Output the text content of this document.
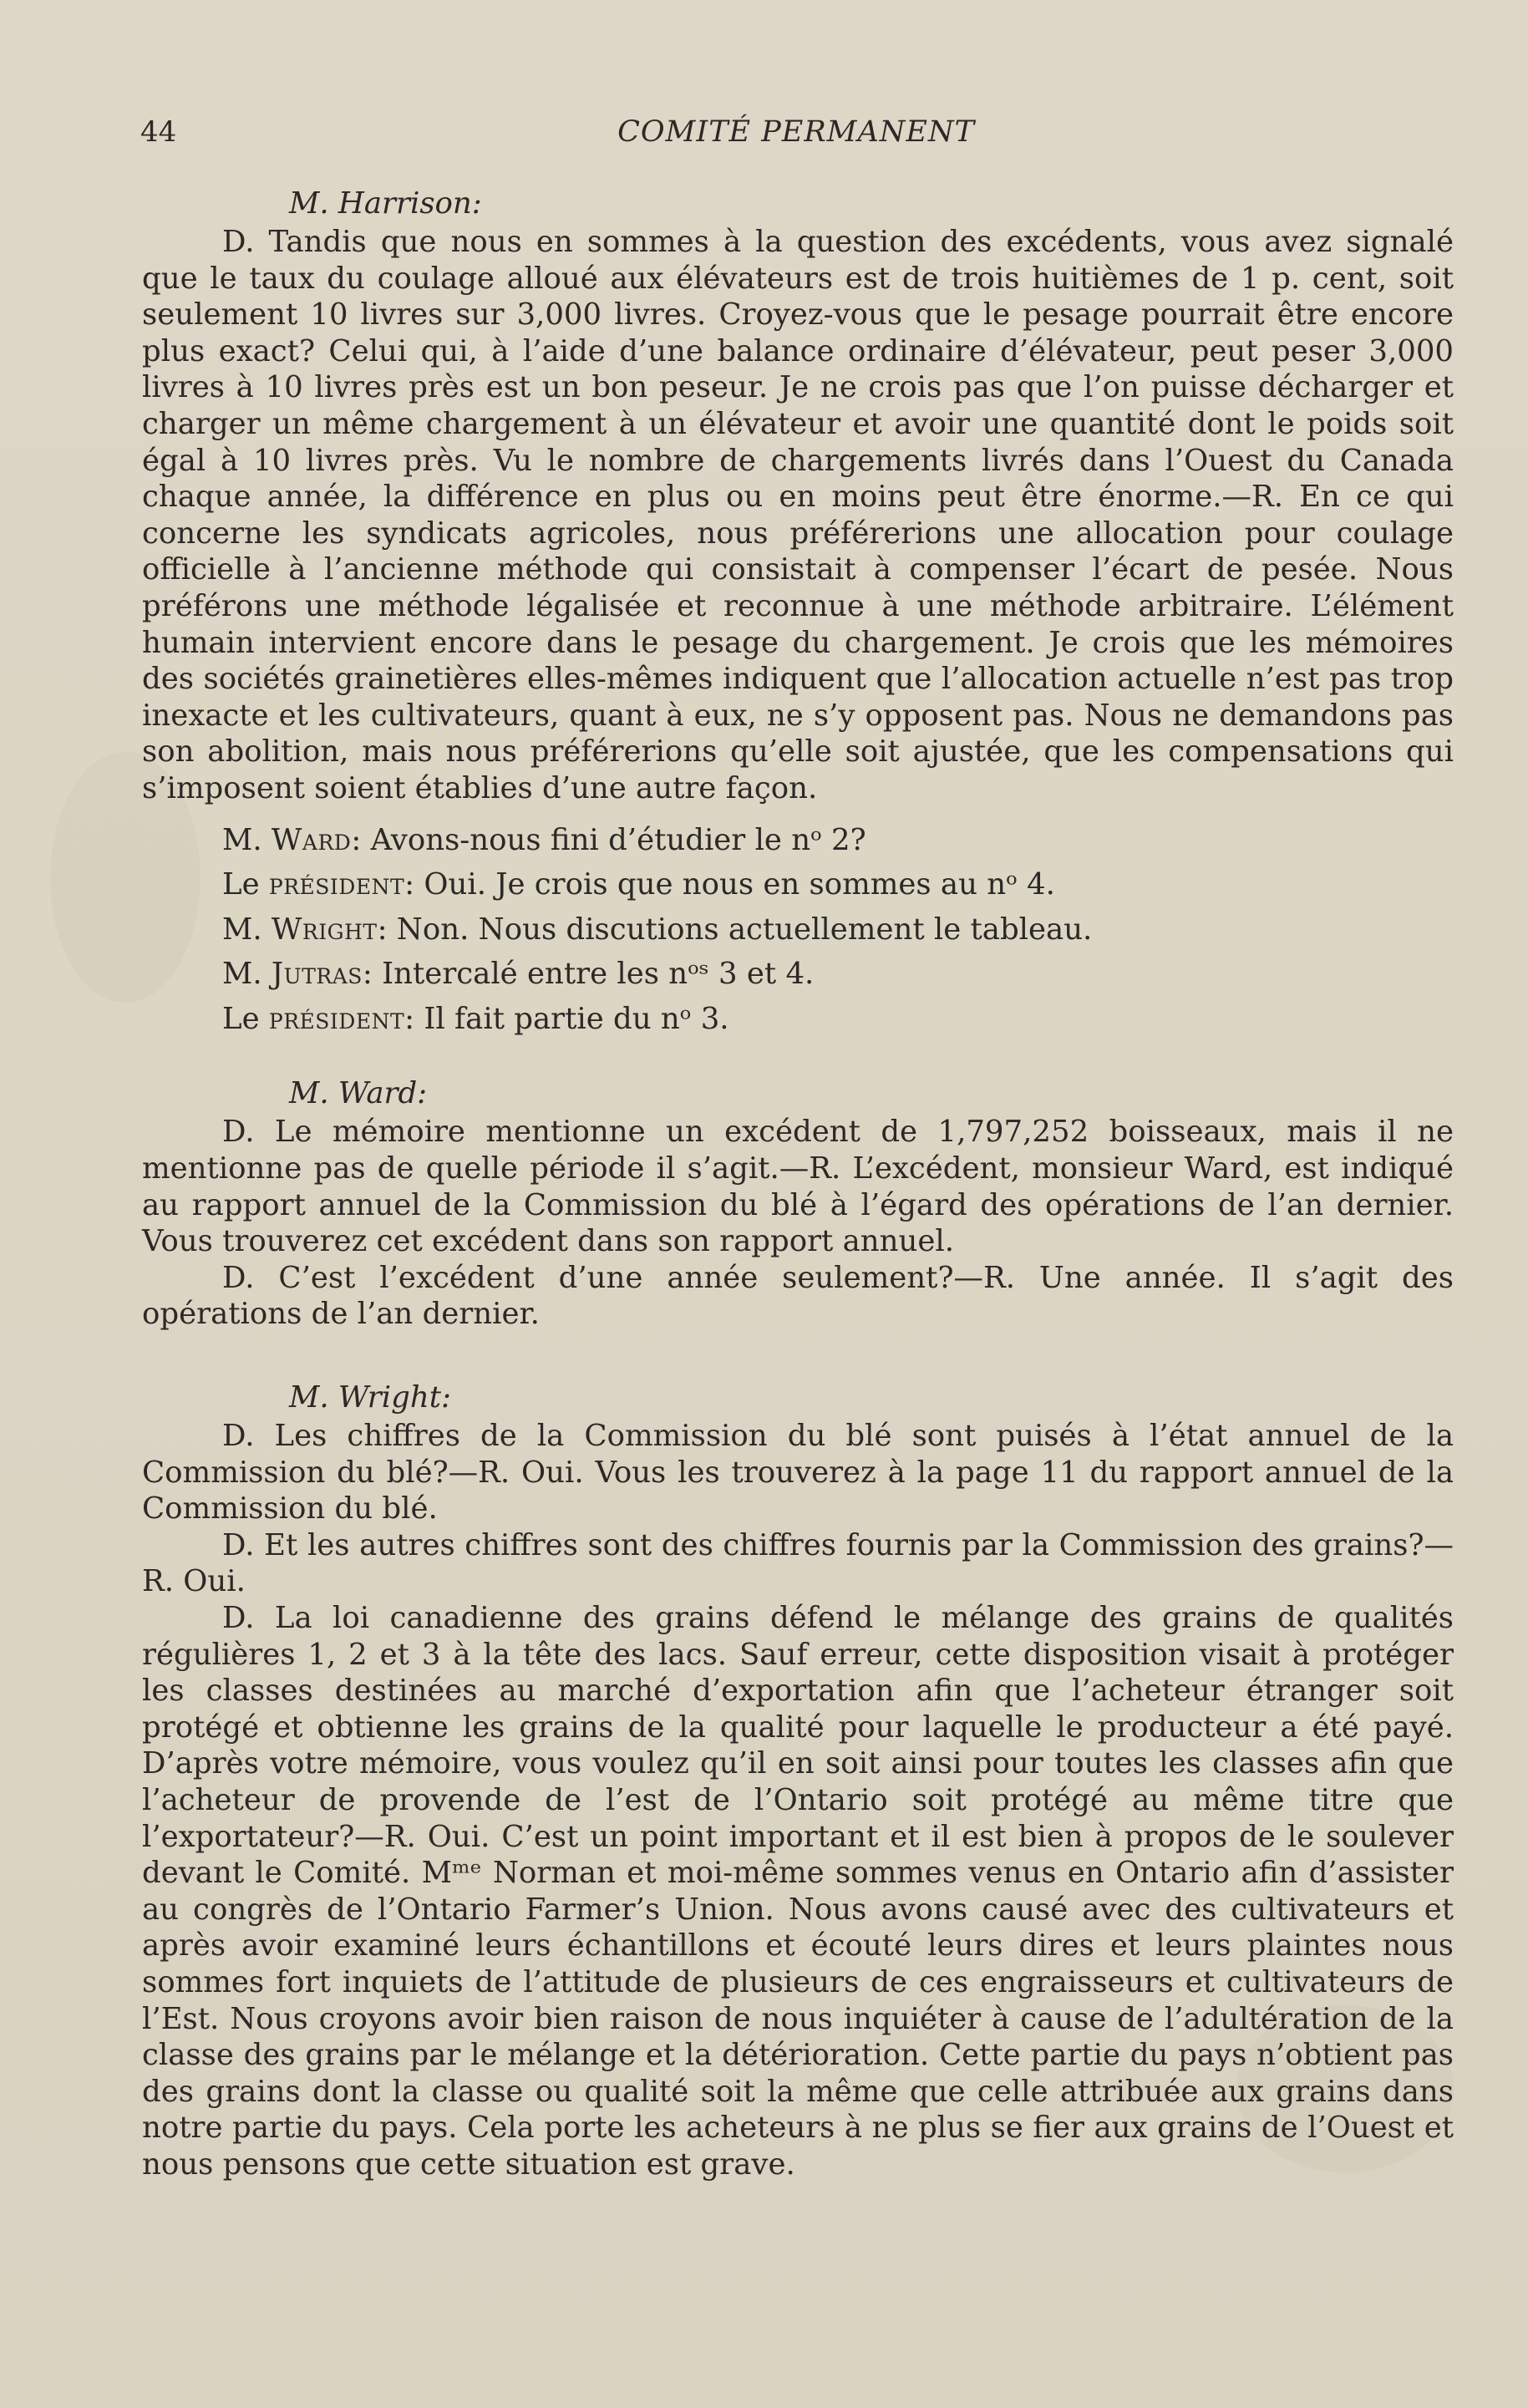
44	COMITÉ PERMANENT
M. Harrison:

D. Tandis que nous en sommes à la question des excédents, vous avez signalé que le taux du coulage alloué aux élévateurs est de trois huitièmes de 1 p. cent, soit seulement 10 livres sur 3,000 livres. Croyez-vous que le pesage pourrait être encore plus exact? Celui qui, à l’aide d’une balance ordinaire d’élévateur, peut peser 3,000 livres à 10 livres près est un bon peseur. Je ne crois pas que l’on puisse décharger et charger un même chargement à un élévateur et avoir une quantité dont le poids soit égal à 10 livres près. Vu le nombre de chargements livrés dans l’Ouest du Canada chaque année, la différence en plus ou en moins peut être énorme.—R. En ce qui concerne les syndicats agricoles, nous préférerions une allocation pour coulage officielle à l’ancienne méthode qui consistait à compenser l’écart de pesée. Nous préférons une méthode légalisée et reconnue à une méthode arbitraire. L’élément humain intervient encore dans le pesage du chargement. Je crois que les mémoires des sociétés grainetières elles-mêmes indiquent que l’allocation actuelle n’est pas trop inexacte et les cultivateurs, quant à eux, ne s’y opposent pas. Nous ne demandons pas son abolition, mais nous préférerions qu’elle soit ajustée, que les compensations qui s’imposent soient établies d’une autre façon.

M. Ward: Avons-nous fini d’étudier le nᵒ 2?

Le président: Oui. Je crois que nous en sommes au nᵒ 4.

M. Wright: Non. Nous discutions actuellement le tableau.

M. Jutras: Intercalé entre les nᵒˢ 3 et 4.

Le président: Il fait partie du nᵒ 3.

M. Ward:

D. Le mémoire mentionne un excédent de 1,797,252 boisseaux, mais il ne mentionne pas de quelle période il s’agit.—R. L’excédent, monsieur Ward, est indiqué au rapport annuel de la Commission du blé à l’égard des opérations de l’an dernier. Vous trouverez cet excédent dans son rapport annuel.

D. C’est l’excédent d’une année seulement?—R. Une année. Il s’agit des opérations de l’an dernier.

M. Wright:

D. Les chiffres de la Commission du blé sont puisés à l’état annuel de la Commission du blé?—R. Oui. Vous les trouverez à la page 11 du rapport annuel de la Commission du blé.

D. Et les autres chiffres sont des chiffres fournis par la Commission des grains?—R. Oui.

D. La loi canadienne des grains défend le mélange des grains de qualités régulières 1, 2 et 3 à la tête des lacs. Sauf erreur, cette disposition visait à protéger les classes destinées au marché d’exportation afin que l’acheteur étranger soit protégé et obtienne les grains de la qualité pour laquelle le producteur a été payé. D’après votre mémoire, vous voulez qu’il en soit ainsi pour toutes les classes afin que l’acheteur de provende de l’est de l’Ontario soit protégé au même titre que l’exportateur?—R. Oui. C’est un point important et il est bien à propos de le soulever devant le Comité. Mᵐᵉ Norman et moi-même sommes venus en Ontario afin d’assister au congrès de l’Ontario Farmer’s Union. Nous avons causé avec des cultivateurs et après avoir examiné leurs échantillons et écouté leurs dires et leurs plaintes nous sommes fort inquiets de l’attitude de plusieurs de ces engraisseurs et cultivateurs de l’Est. Nous croyons avoir bien raison de nous inquiéter à cause de l’adultération de la classe des grains par le mélange et la détérioration. Cette partie du pays n’obtient pas des grains dont la classe ou qualité soit la même que celle attribuée aux grains dans notre partie du pays. Cela porte les acheteurs à ne plus se fier aux grains de l’Ouest et nous pensons que cette situation est grave.
